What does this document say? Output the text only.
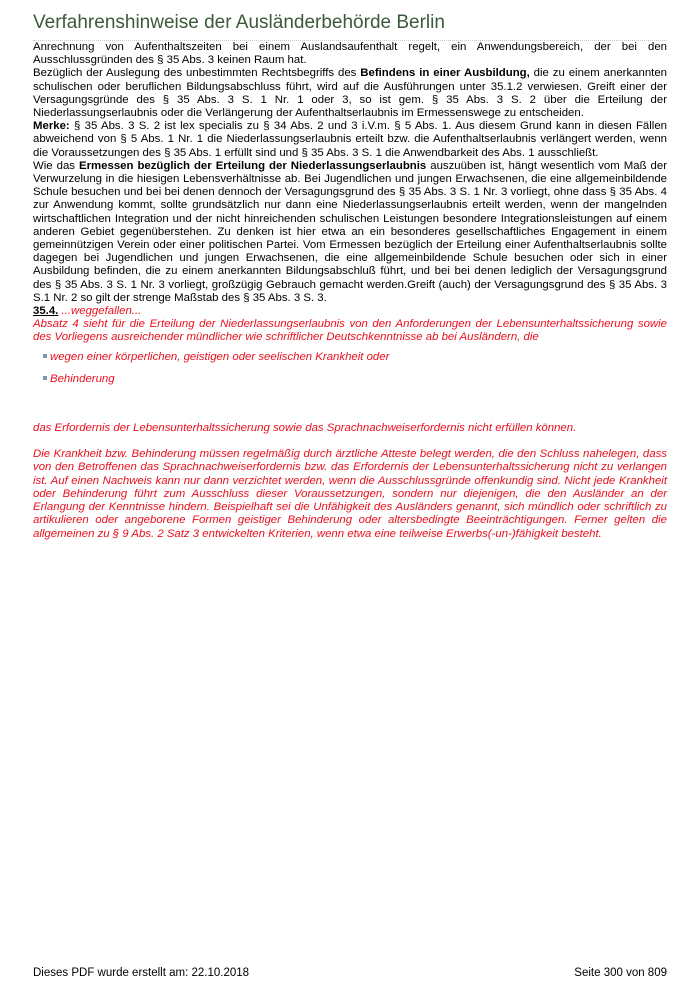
Verfahrenshinweise der Ausländerbehörde Berlin

Anrechnung von Aufenthaltszeiten bei einem Auslandsaufenthalt regelt, ein Anwendungsbereich, der bei den Ausschlussgründen des § 35 Abs. 3 keinen Raum hat.

Bezüglich der Auslegung des unbestimmten Rechtsbegriffs des Befindens in einer Ausbildung, die zu einem anerkannten schulischen oder beruflichen Bildungsabschluss führt, wird auf die Ausführungen unter 35.1.2 verwiesen. Greift einer der Versagungsgründe des § 35 Abs. 3 S. 1 Nr. 1 oder 3, so ist gem. § 35 Abs. 3 S. 2 über die Erteilung der Niederlassungserlaubnis oder die Verlängerung der Aufenthaltserlaubnis im Ermessenswege zu entscheiden.

Merke: § 35 Abs. 3 S. 2 ist lex specialis zu § 34 Abs. 2 und 3 i.V.m. § 5 Abs. 1. Aus diesem Grund kann in diesen Fällen abweichend von § 5 Abs. 1 Nr. 1 die Niederlassungserlaubnis erteilt bzw. die Aufenthaltserlaubnis verlängert werden, wenn die Voraussetzungen des § 35 Abs. 1 erfüllt sind und § 35 Abs. 3 S. 1 die Anwendbarkeit des Abs. 1 ausschließt.

Wie das Ermessen bezüglich der Erteilung der Niederlassungserlaubnis auszuüben ist, hängt wesentlich vom Maß der Verwurzelung in die hiesigen Lebensverhältnisse ab. Bei Jugendlichen und jungen Erwachsenen, die eine allgemeinbildende Schule besuchen und bei bei denen dennoch der Versagungsgrund des § 35 Abs. 3 S. 1 Nr. 3 vorliegt, ohne dass § 35 Abs. 4 zur Anwendung kommt, sollte grundsätzlich nur dann eine Niederlassungserlaubnis erteilt werden, wenn der mangelnden wirtschaftlichen Integration und der nicht hinreichenden schulischen Leistungen besondere Integrationsleistungen auf einem anderen Gebiet gegenüberstehen. Zu denken ist hier etwa an ein besonderes gesellschaftliches Engagement in einem gemeinnützigen Verein oder einer politischen Partei. Vom Ermessen bezüglich der Erteilung einer Aufenthaltserlaubnis sollte dagegen bei Jugendlichen und jungen Erwachsenen, die eine allgemeinbildende Schule besuchen oder sich in einer Ausbildung befinden, die zu einem anerkannten Bildungsabschluß führt, und bei bei denen lediglich der Versagungsgrund des § 35 Abs. 3 S. 1 Nr. 3 vorliegt, großzügig Gebrauch gemacht werden.Greift (auch) der Versagungsgrund des § 35 Abs. 3 S.1 Nr. 2 so gilt der strenge Maßstab des § 35 Abs. 3 S. 3.

35.4. ...weggefallen...

Absatz 4 sieht für die Erteilung der Niederlassungserlaubnis von den Anforderungen der Lebensunterhaltssicherung sowie des Vorliegens ausreichender mündlicher wie schriftlicher Deutschkenntnisse ab bei Ausländern, die

wegen einer körperlichen, geistigen oder seelischen Krankheit oder
Behinderung

das Erfordernis der Lebensunterhaltssicherung sowie das Sprachnachweiserfordernis nicht erfüllen können.

Die Krankheit bzw. Behinderung müssen regelmäßig durch ärztliche Atteste belegt werden, die den Schluss nahelegen, dass von den Betroffenen das Sprachnachweiserfordernis bzw. das Erfordernis der Lebensunterhaltssicherung nicht zu verlangen ist. Auf einen Nachweis kann nur dann verzichtet werden, wenn die Ausschlussgründe offenkundig sind. Nicht jede Krankheit oder Behinderung führt zum Ausschluss dieser Voraussetzungen, sondern nur diejenigen, die den Ausländer an der Erlangung der Kenntnisse hindern. Beispielhaft sei die Unfähigkeit des Ausländers genannt, sich mündlich oder schriftlich zu artikulieren oder angeborene Formen geistiger Behinderung oder altersbedingte Beeinträchtigungen. Ferner gelten die allgemeinen zu § 9 Abs. 2 Satz 3 entwickelten Kriterien, wenn etwa eine teilweise Erwerbs(-un-)fähigkeit besteht.

Dieses PDF wurde erstellt am: 22.10.2018	Seite 300 von 809
